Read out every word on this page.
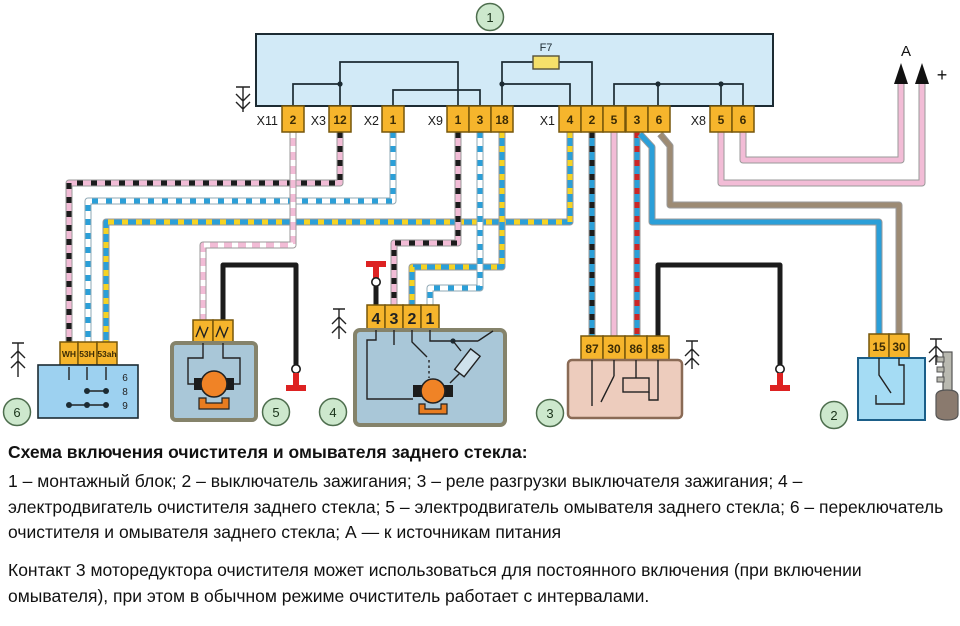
F7	A
+
X11 2 X3 12 X2 1	X9 1 3 18 X1 4 2 5 3 6 X8 5 6
WH 53H 53ah
6
8
9
4 3 2 1
87 30 86 85	15 30
1
6	5	4	3	2
Схема включения очистителя и омывателя заднего стекла:
1 – монтажный блок; 2 – выключатель зажигания; 3 – реле разгрузки выключателя зажигания; 4 – электродвигатель очистителя заднего стекла; 5 – электродвигатель омывателя заднего стекла; 6 – переключатель очистителя и омывателя заднего стекла; А — к источникам питания
Контакт 3 моторедуктора очистителя может использоваться для постоянного включения (при включении омывателя), при этом в обычном режиме очиститель работает с интервалами.
